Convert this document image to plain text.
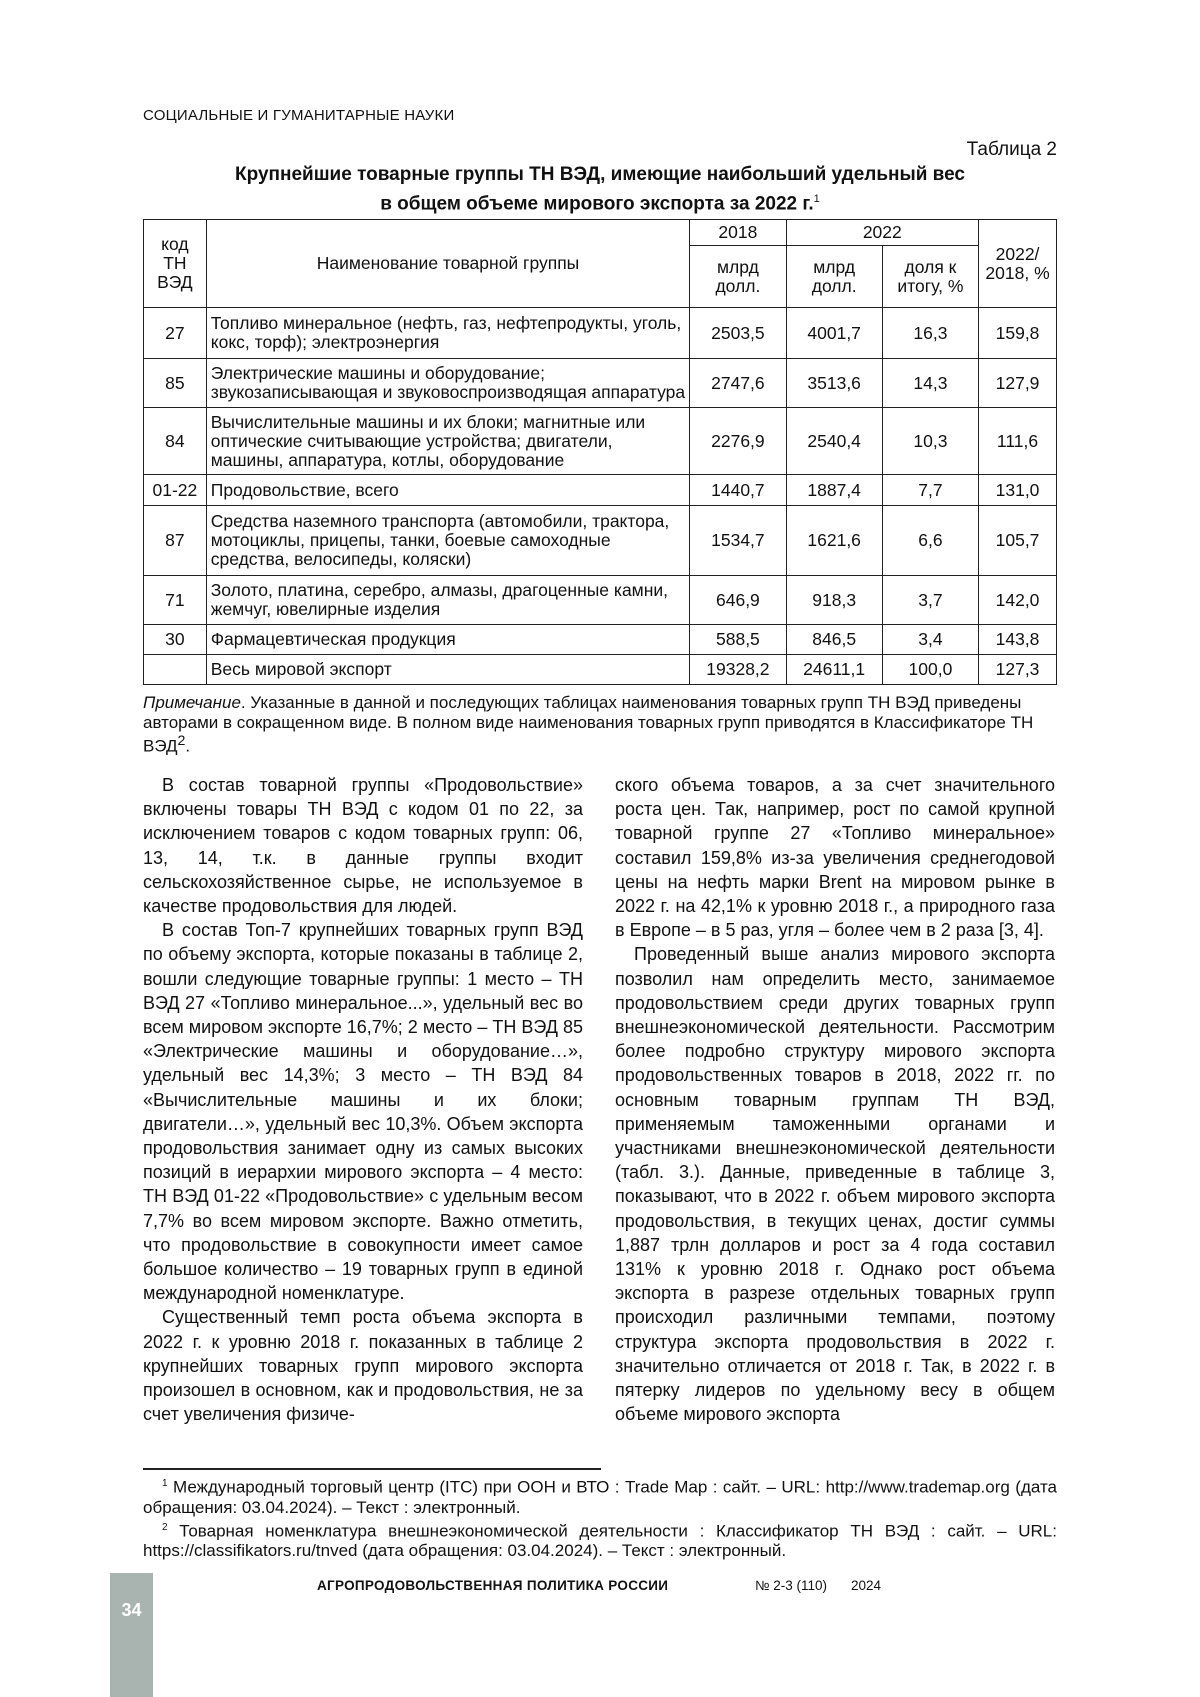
СОЦИАЛЬНЫЕ И ГУМАНИТАРНЫЕ НАУКИ
Таблица 2
Крупнейшие товарные группы ТН ВЭД, имеющие наибольший удельный вес
в общем объеме мирового экспорта за 2022 г.$^1$
код ТН ВЭД	Наименование товарной группы	2018	2022		2022/ 2018, %
		млрд долл.	млрд долл.	доля к итогу, %	
27	Топливо минеральное (нефть, газ, нефтепродукты, уголь, кокс, торф); электроэнергия	2503,5	4001,7	16,3	159,8
85	Электрические машины и оборудование; звукозаписывающая и звуковоспроизводящая аппаратура	2747,6	3513,6	14,3	127,9
84	Вычислительные машины и их блоки; магнитные или оптические считывающие устройства; двигатели, машины, аппаратура, котлы, оборудование	2276,9	2540,4	10,3	111,6
01-22	Продовольствие, всего	1440,7	1887,4	7,7	131,0
87	Средства наземного транспорта (автомобили, трактора, мотоциклы, прицепы, танки, боевые самоходные средства, велосипеды, коляски)	1534,7	1621,6	6,6	105,7
71	Золото, платина, серебро, алмазы, драгоценные камни, жемчуг, ювелирные изделия	646,9	918,3	3,7	142,0
30	Фармацевтическая продукция	588,5	846,5	3,4	143,8
	Весь мировой экспорт	19328,2	24611,1	100,0	127,3
Примечание. Указанные в данной и последующих таблицах наименования товарных групп ТН ВЭД приведены авторами в сокращенном виде. В полном виде наименования товарных групп приводятся в Классификаторе ТН ВЭД$^2$.

В состав товарной группы «Продовольствие» включены товары ТН ВЭД с кодом 01 по 22, за исключением товаров с кодом товарных групп: 06, 13, 14, т.к. в данные группы входит сельскохозяйственное сырье, не используемое в качестве продовольствия для людей.

В состав Топ-7 крупнейших товарных групп ВЭД по объему экспорта, которые показаны в таблице 2, вошли следующие товарные группы: 1 место – ТН ВЭД 27 «Топливо минеральное...», удельный вес во всем мировом экспорте 16,7%; 2 место – ТН ВЭД 85 «Электрические машины и оборудование…», удельный вес 14,3%; 3 место – ТН ВЭД 84 «Вычислительные машины и их блоки; двигатели…», удельный вес 10,3%. Объем экспорта продовольствия занимает одну из самых высоких позиций в иерархии мирового экспорта – 4 место: ТН ВЭД 01-22 «Продовольствие» с удельным весом 7,7% во всем мировом экспорте. Важно отметить, что продовольствие в совокупности имеет самое большое количество – 19 товарных групп в единой международной номенклатуре.

Существенный темп роста объема экспорта в 2022 г. к уровню 2018 г. показанных в таблице 2 крупнейших товарных групп мирового экспорта произошел в основном, как и продовольствия, не за счет увеличения физиче-

ского объема товаров, а за счет значительного роста цен. Так, например, рост по самой крупной товарной группе 27 «Топливо минеральное» составил 159,8% из-за увеличения среднегодовой цены на нефть марки Brent на мировом рынке в 2022 г. на 42,1% к уровню 2018 г., а природного газа в Европе – в 5 раз, угля – более чем в 2 раза [3, 4].

Проведенный выше анализ мирового экспорта позволил нам определить место, занимаемое продовольствием среди других товарных групп внешнеэкономической деятельности. Рассмотрим более подробно структуру мирового экспорта продовольственных товаров в 2018, 2022 гг. по основным товарным группам ТН ВЭД, применяемым таможенными органами и участниками внешнеэкономической деятельности (табл. 3.). Данные, приведенные в таблице 3, показывают, что в 2022 г. объем мирового экспорта продовольствия, в текущих ценах, достиг суммы 1,887 трлн долларов и рост за 4 года составил 131% к уровню 2018 г. Однако рост объема экспорта в разрезе отдельных товарных групп происходил различными темпами, поэтому структура экспорта продовольствия в 2022 г. значительно отличается от 2018 г. Так, в 2022 г. в пятерку лидеров по удельному весу в общем объеме мирового экспорта

$^1$ Международный торговый центр (ITC) при ООН и ВТО : Trade Map : сайт. – URL: http://www.trademap.org (дата обращения: 03.04.2024). – Текст : электронный.

$^2$ Товарная номенклатура внешнеэкономической деятельности : Классификатор ТН ВЭД : сайт. – URL: https://classifikators.ru/tnved (дата обращения: 03.04.2024). – Текст : электронный.

34
АГРОПРОДОВОЛЬСТВЕННАЯ ПОЛИТИКА РОССИИ	№ 2-3 (110) 2024
